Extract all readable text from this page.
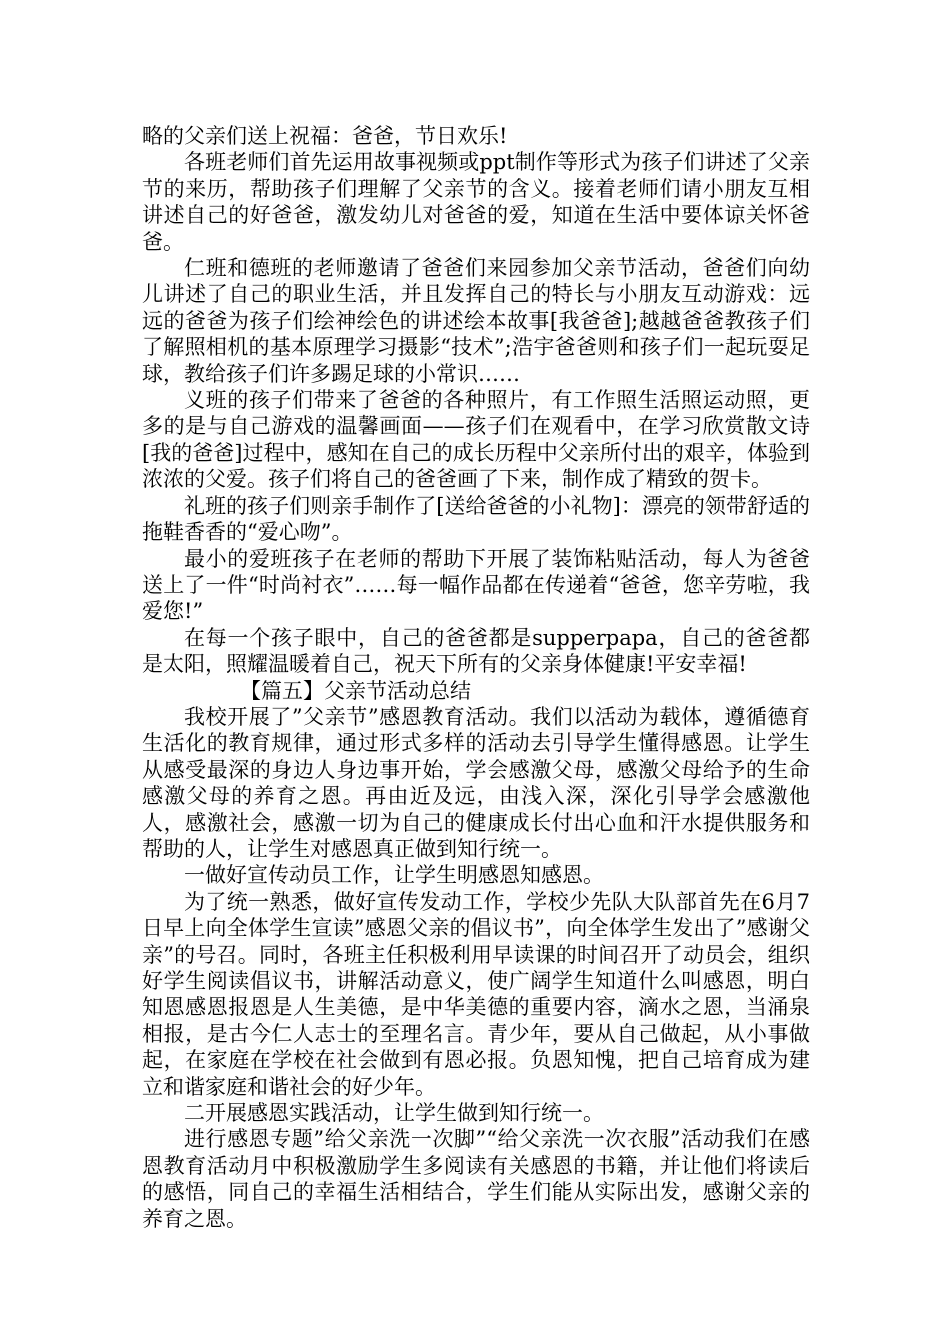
略的父亲们送上祝福：爸爸，节日欢乐!

各班老师们首先运用故事视频或ppt制作等形式为孩子们讲述了父亲节的来历，帮助孩子们理解了父亲节的含义。接着老师们请小朋友互相讲述自己的好爸爸，激发幼儿对爸爸的爱，知道在生活中要体谅关怀爸爸。

仁班和德班的老师邀请了爸爸们来园参加父亲节活动，爸爸们向幼儿讲述了自己的职业生活，并且发挥自己的特长与小朋友互动游戏：远远的爸爸为孩子们绘神绘色的讲述绘本故事[我爸爸];越越爸爸教孩子们了解照相机的基本原理学习摄影“技术”;浩宇爸爸则和孩子们一起玩耍足球，教给孩子们许多踢足球的小常识……

义班的孩子们带来了爸爸的各种照片，有工作照生活照运动照，更多的是与自己游戏的温馨画面——孩子们在观看中，在学习欣赏散文诗[我的爸爸]过程中，感知在自己的成长历程中父亲所付出的艰辛，体验到浓浓的父爱。孩子们将自己的爸爸画了下来，制作成了精致的贺卡。

礼班的孩子们则亲手制作了[送给爸爸的小礼物]：漂亮的领带舒适的拖鞋香香的“爱心吻”。

最小的爱班孩子在老师的帮助下开展了装饰粘贴活动，每人为爸爸送上了一件“时尚衬衣”……每一幅作品都在传递着“爸爸，您辛劳啦，我爱您!”

在每一个孩子眼中，自己的爸爸都是supperpapa，自己的爸爸都是太阳，照耀温暖着自己，祝天下所有的父亲身体健康!平安幸福!

【篇五】父亲节活动总结

我校开展了”父亲节”感恩教育活动。我们以活动为载体，遵循德育生活化的教育规律，通过形式多样的活动去引导学生懂得感恩。让学生从感受最深的身边人身边事开始，学会感激父母，感激父母给予的生命感激父母的养育之恩。再由近及远，由浅入深，深化引导学会感激他人，感激社会，感激一切为自己的健康成长付出心血和汗水提供服务和帮助的人，让学生对感恩真正做到知行统一。

一做好宣传动员工作，让学生明感恩知感恩。

为了统一熟悉，做好宣传发动工作，学校少先队大队部首先在6月7日早上向全体学生宣读”感恩父亲的倡议书”，向全体学生发出了”感谢父亲”的号召。同时，各班主任积极利用早读课的时间召开了动员会，组织好学生阅读倡议书，讲解活动意义，使广阔学生知道什么叫感恩，明白知恩感恩报恩是人生美德，是中华美德的重要内容，滴水之恩，当涌泉相报，是古今仁人志士的至理名言。青少年，要从自己做起，从小事做起，在家庭在学校在社会做到有恩必报。负恩知愧，把自己培育成为建立和谐家庭和谐社会的好少年。

二开展感恩实践活动，让学生做到知行统一。

进行感恩专题”给父亲洗一次脚”“给父亲洗一次衣服”活动我们在感恩教育活动月中积极激励学生多阅读有关感恩的书籍，并让他们将读后的感悟，同自己的幸福生活相结合，学生们能从实际出发，感谢父亲的养育之恩。
